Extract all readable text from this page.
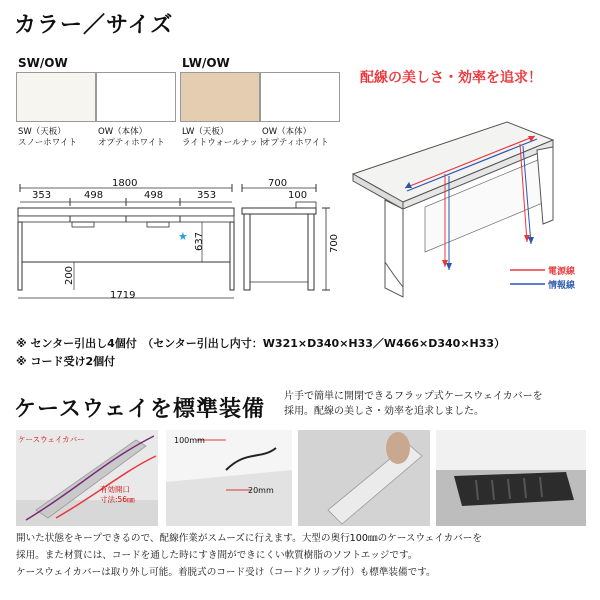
カラー／サイズ
SW/OW
SW（天板）
スノーホワイト
OW（本体）
オプティホワイト
LW/OW
LW（天板）
ライトウォールナット
OW（本体）
オプティホワイト
配線の美しさ・効率を追求！
電源線
情報線
★
1800
353	498	498	353
637
200
1719
700
100
700
※ センター引出し4個付　（センター引出し内寸：W321×D340×H33／W466×D340×H33）
※ コード受け2個付
ケースウェイを標準装備
片手で簡単に開閉できるフラップ式ケースウェイカバーを
採用。配線の美しさ・効率を追求しました。
ケースウェイカバー
有効開口
寸法:56㎜
100mm
20mm
開いた状態をキープできるので、配線作業がスムーズに行えます。大型の奥行100㎜のケースウェイカバーを
採用。また材質には、コードを通した時にすき間ができにくい軟質樹脂のソフトエッジです。
ケースウェイカバーは取り外し可能。着脱式のコード受け（コードクリップ付）も標準装備です。
